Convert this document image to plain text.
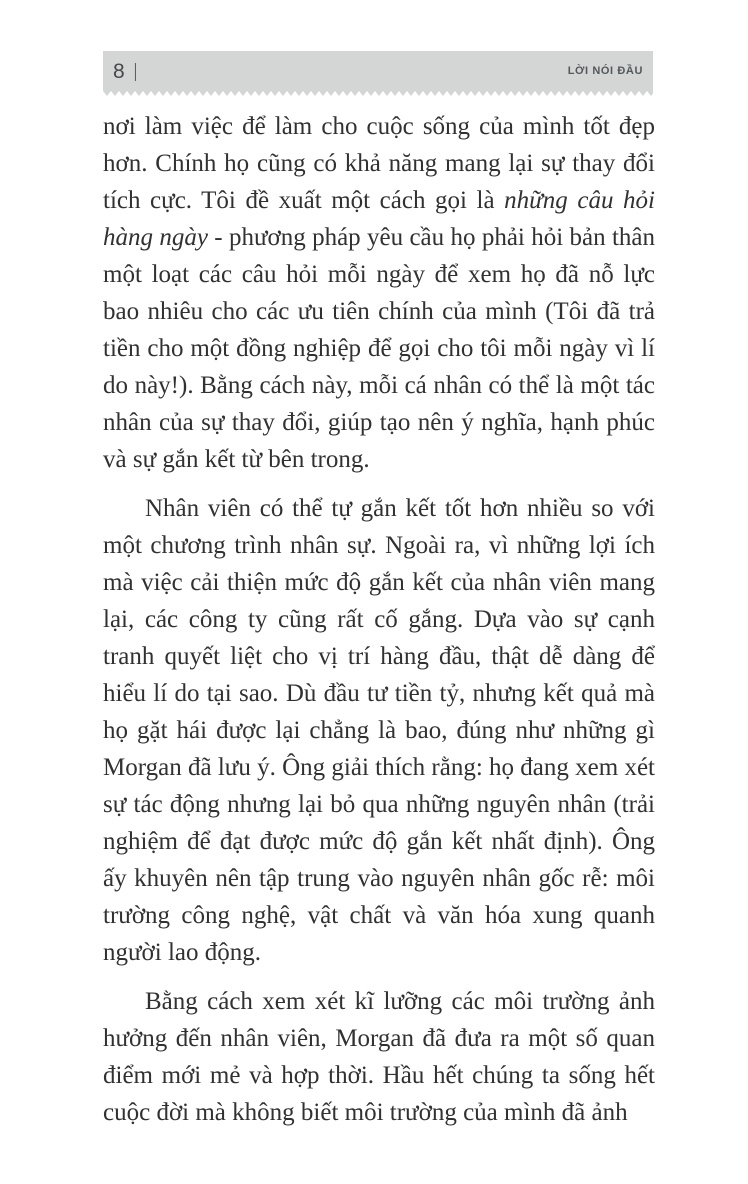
8 |	LỜI NÓI ĐẦU

nơi làm việc để làm cho cuộc sống của mình tốt đẹp hơn. Chính họ cũng có khả năng mang lại sự thay đổi tích cực. Tôi đề xuất một cách gọi là những câu hỏi hàng ngày - phương pháp yêu cầu họ phải hỏi bản thân một loạt các câu hỏi mỗi ngày để xem họ đã nỗ lực bao nhiêu cho các ưu tiên chính của mình (Tôi đã trả tiền cho một đồng nghiệp để gọi cho tôi mỗi ngày vì lí do này!). Bằng cách này, mỗi cá nhân có thể là một tác nhân của sự thay đổi, giúp tạo nên ý nghĩa, hạnh phúc và sự gắn kết từ bên trong.

Nhân viên có thể tự gắn kết tốt hơn nhiều so với một chương trình nhân sự. Ngoài ra, vì những lợi ích mà việc cải thiện mức độ gắn kết của nhân viên mang lại, các công ty cũng rất cố gắng. Dựa vào sự cạnh tranh quyết liệt cho vị trí hàng đầu, thật dễ dàng để hiểu lí do tại sao. Dù đầu tư tiền tỷ, nhưng kết quả mà họ gặt hái được lại chẳng là bao, đúng như những gì Morgan đã lưu ý. Ông giải thích rằng: họ đang xem xét sự tác động nhưng lại bỏ qua những nguyên nhân (trải nghiệm để đạt được mức độ gắn kết nhất định). Ông ấy khuyên nên tập trung vào nguyên nhân gốc rễ: môi trường công nghệ, vật chất và văn hóa xung quanh người lao động.

Bằng cách xem xét kĩ lưỡng các môi trường ảnh hưởng đến nhân viên, Morgan đã đưa ra một số quan điểm mới mẻ và hợp thời. Hầu hết chúng ta sống hết cuộc đời mà không biết môi trường của mình đã ảnh
